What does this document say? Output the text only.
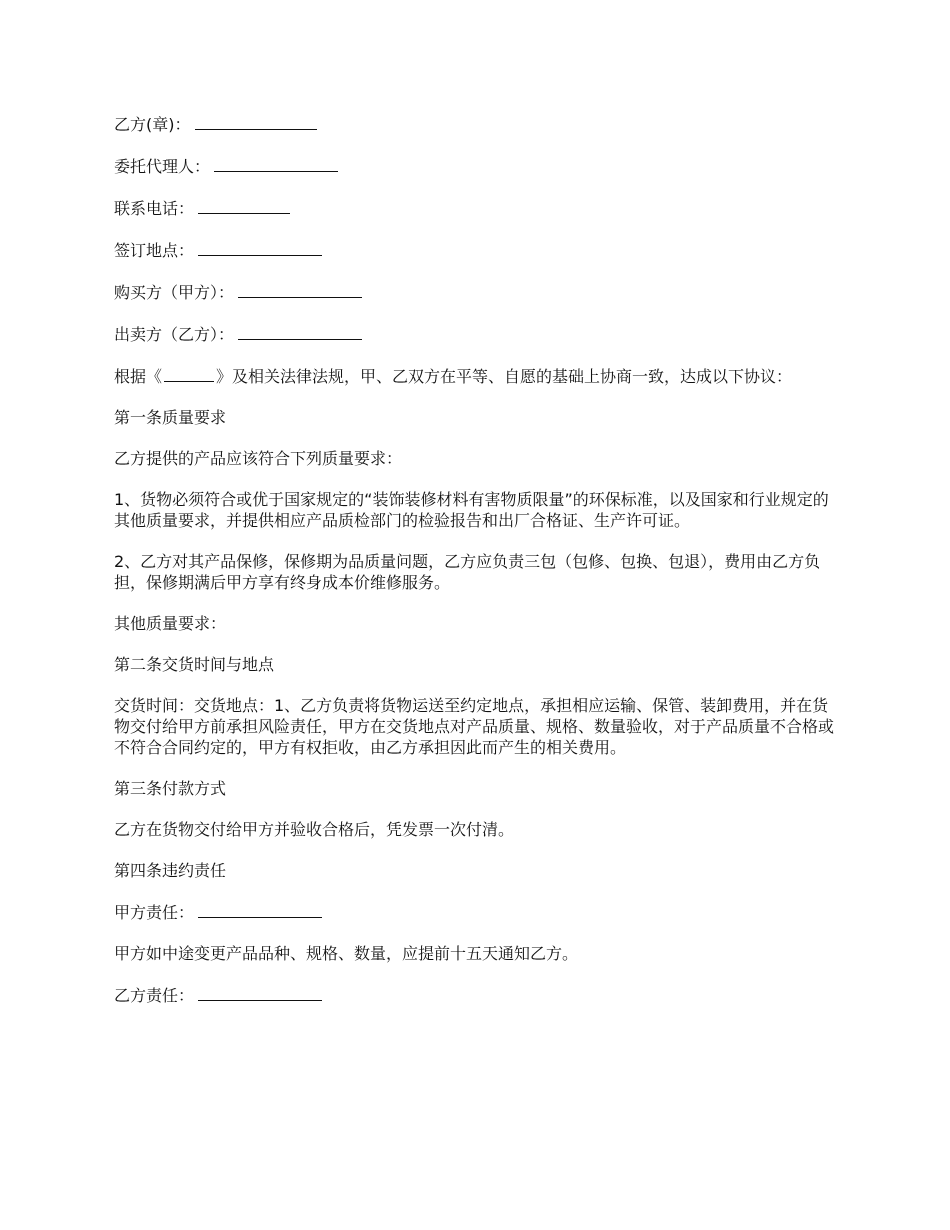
乙方(章)：

委托代理人：

联系电话：

签订地点：

购买方（甲方）：

出卖方（乙方）：

根据《	》及相关法律法规，甲、乙双方在平等、自愿的基础上协商一致，达成以下协议：

第一条质量要求

乙方提供的产品应该符合下列质量要求：

1、货物必须符合或优于国家规定的“装饰装修材料有害物质限量”的环保标准，以及国家和行业规定的其他质量要求，并提供相应产品质检部门的检验报告和出厂合格证、生产许可证。

2、乙方对其产品保修，保修期为品质量问题，乙方应负责三包（包修、包换、包退），费用由乙方负担，保修期满后甲方享有终身成本价维修服务。

其他质量要求：

第二条交货时间与地点

交货时间：交货地点：1、乙方负责将货物运送至约定地点，承担相应运输、保管、装卸费用，并在货物交付给甲方前承担风险责任，甲方在交货地点对产品质量、规格、数量验收，对于产品质量不合格或不符合合同约定的，甲方有权拒收，由乙方承担因此而产生的相关费用。

第三条付款方式

乙方在货物交付给甲方并验收合格后，凭发票一次付清。

第四条违约责任

甲方责任：

甲方如中途变更产品品种、规格、数量，应提前十五天通知乙方。

乙方责任：
